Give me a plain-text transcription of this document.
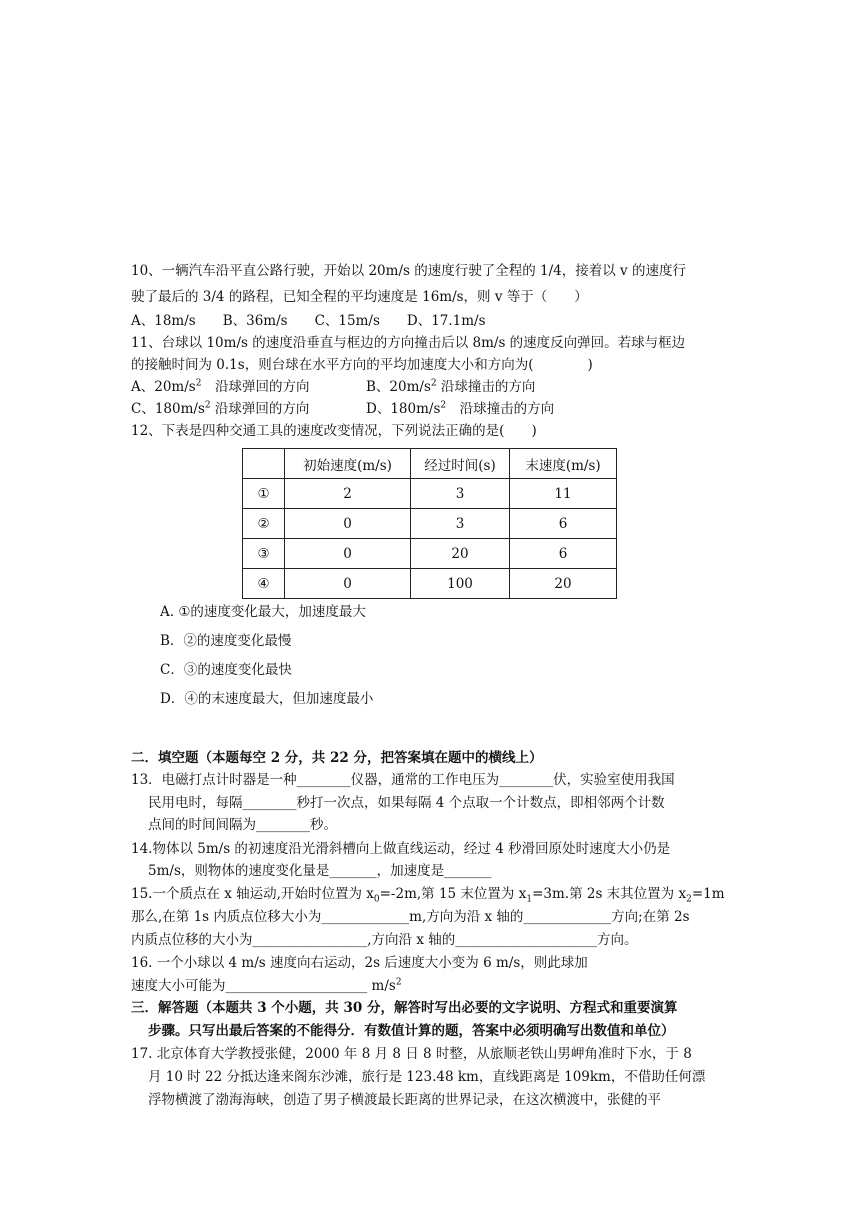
10、一辆汽车沿平直公路行驶，开始以 20m/s 的速度行驶了全程的 1/4，接着以 v 的速度行
驶了最后的 3/4 的路程，已知全程的平均速度是 16m/s，则 v 等于（　　）
A、18m/s　　B、36m/s　　C、15m/s　　D、17.1m/s
11、台球以 10m/s 的速度沿垂直与框边的方向撞击后以 8m/s 的速度反向弹回。若球与框边
的接触时间为 0.1s，则台球在水平方向的平均加速度大小和方向为(　　　　)
A、$20m/s^2$　沿球弹回的方向	B、$20m/s^2$ 沿球撞击的方向
C、$180m/s^2$ 沿球弹回的方向	D、$180m/s^2$　沿球撞击的方向
12、下表是四种交通工具的速度改变情况，下列说法正确的是(　　)
	初始速度(m/s)	经过时间(s)	末速度(m/s)
①	2	3	11
②	0	3	6
③	0	20	6
④	0	100	20
A. ①的速度变化最大，加速度最大
B．②的速度变化最慢
C．③的速度变化最快
D．④的末速度最大，但加速度最小
二．填空题（本题每空 2 分，共 22 分，把答案填在题中的横线上）
13．电磁打点计时器是一种________仪器，通常的工作电压为________伏，实验室使用我国
民用电时，每隔________秒打一次点，如果每隔 4 个点取一个计数点，即相邻两个计数
点间的时间间隔为________秒。
14.物体以 5m/s 的初速度沿光滑斜槽向上做直线运动，经过 4 秒滑回原处时速度大小仍是
5m/s，则物体的速度变化量是_______，加速度是_______
15.一个质点在 x 轴运动,开始时位置为 $x_0=-2m$,第 15 末位置为 $x_1=3m$.第 2s 末其位置为 $x_2=1m$
那么,在第 1s 内质点位移大小为_____________m,方向为沿 x 轴的_____________方向;在第 2s
内质点位移的大小为_________________,方向沿 x 轴的_____________________方向。
16. 一个小球以 4 m/s 速度向右运动，2s 后速度大小变为 6 m/s，则此球加
速度大小可能为_____________________ $m/s^2$
三．解答题（本题共 3 个小题，共 30 分，解答时写出必要的文字说明、方程式和重要演算
步骤。只写出最后答案的不能得分．有数值计算的题，答案中必须明确写出数值和单位）
17. 北京体育大学教授张健，2000 年 8 月 8 日 8 时整，从旅顺老铁山男岬角准时下水，于 8
月 10 时 22 分抵达逢来阁东沙滩，旅行是 123.48 km，直线距离是 109km，不借助任何漂
浮物横渡了渤海海峡，创造了男子横渡最长距离的世界记录，在这次横渡中，张健的平
